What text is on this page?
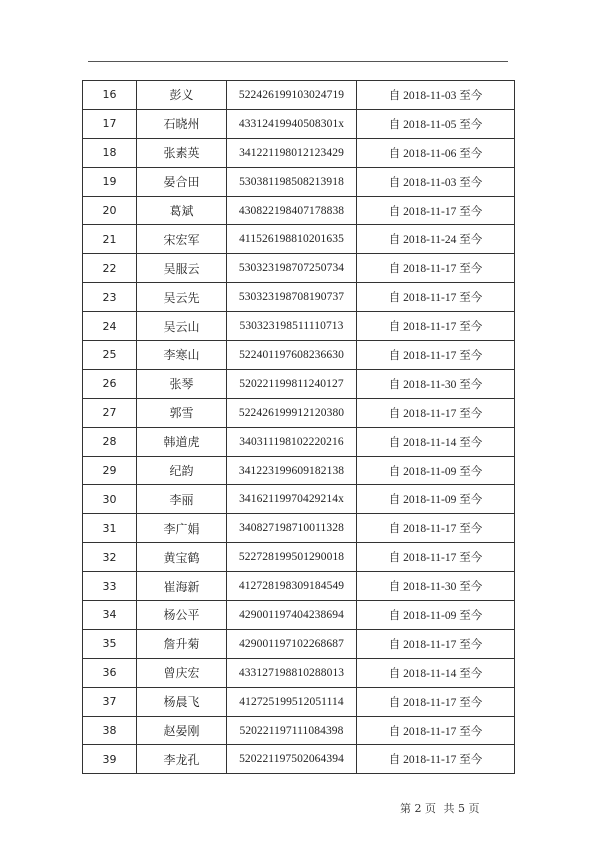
16	彭义	522426199103024719	自 2018-11-03 至今
17	石晓州	43312419940508301x	自 2018-11-05 至今
18	张素英	341221198012123429	自 2018-11-06 至今
19	晏合田	530381198508213918	自 2018-11-03 至今
20	葛斌	430822198407178838	自 2018-11-17 至今
21	宋宏军	411526198810201635	自 2018-11-24 至今
22	吴服云	530323198707250734	自 2018-11-17 至今
23	吴云先	530323198708190737	自 2018-11-17 至今
24	吴云山	530323198511110713	自 2018-11-17 至今
25	李寒山	522401197608236630	自 2018-11-17 至今
26	张琴	520221199811240127	自 2018-11-30 至今
27	郭雪	522426199912120380	自 2018-11-17 至今
28	韩道虎	340311198102220216	自 2018-11-14 至今
29	纪韵	341223199609182138	自 2018-11-09 至今
30	李丽	34162119970429214x	自 2018-11-09 至今
31	李广娟	340827198710011328	自 2018-11-17 至今
32	黄宝鹤	522728199501290018	自 2018-11-17 至今
33	崔海新	412728198309184549	自 2018-11-30 至今
34	杨公平	429001197404238694	自 2018-11-09 至今
35	詹升菊	429001197102268687	自 2018-11-17 至今
36	曾庆宏	433127198810288013	自 2018-11-14 至今
37	杨晨飞	412725199512051114	自 2018-11-17 至今
38	赵晏刚	520221197111084398	自 2018-11-17 至今
39	李龙孔	520221197502064394	自 2018-11-17 至今
第 2 页 共 5 页
